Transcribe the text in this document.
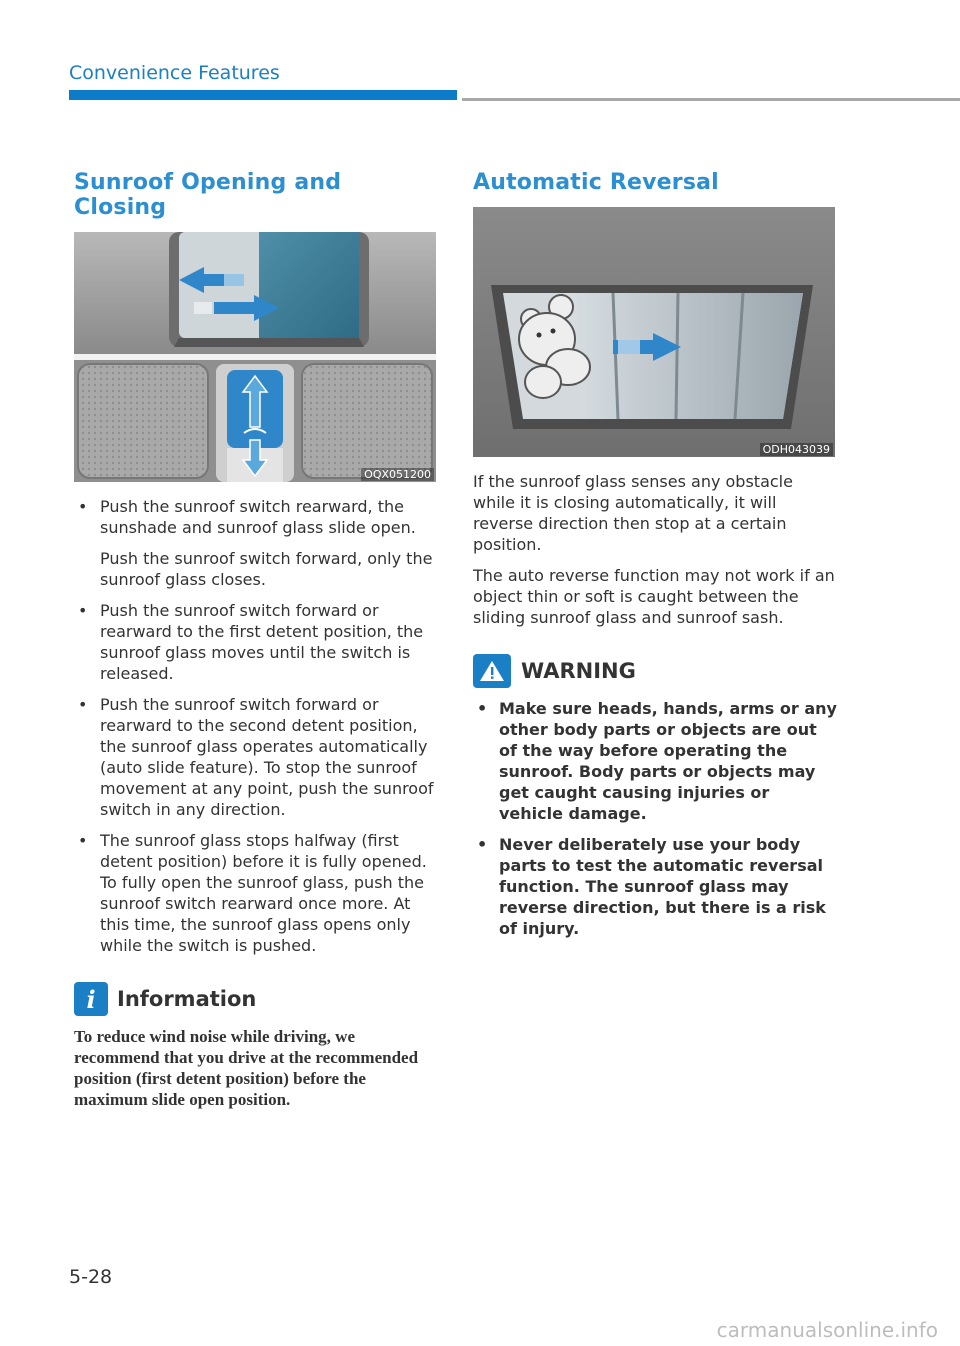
Convenience Features
Sunroof Opening and Closing
OQX051200

• Push the sunroof switch rearward, the sunshade and sunroof glass slide open.

Push the sunroof switch forward, only the sunroof glass closes.

• Push the sunroof switch forward or rearward to the first detent position, the sunroof glass moves until the switch is released.

• Push the sunroof switch forward or rearward to the second detent position, the sunroof glass operates automatically (auto slide feature). To stop the sunroof movement at any point, push the sunroof switch in any direction.

• The sunroof glass stops halfway (first detent position) before it is fully opened. To fully open the sunroof glass, push the sunroof switch rearward once more. At this time, the sunroof glass opens only while the switch is pushed.

i	Information
To reduce wind noise while driving, we recommend that you drive at the recommended position (first detent position) before the maximum slide open position.
Automatic Reversal
ODH043039

If the sunroof glass senses any obstacle while it is closing automatically, it will reverse direction then stop at a certain position.

The auto reverse function may not work if an object thin or soft is caught between the sliding sunroof glass and sunroof sash.

WARNING
• Make sure heads, hands, arms or any other body parts or objects are out of the way before operating the sunroof. Body parts or objects may get caught causing injuries or vehicle damage.
• Never deliberately use your body parts to test the automatic reversal function. The sunroof glass may reverse direction, but there is a risk of injury.
5-28
carmanualsonline.info
